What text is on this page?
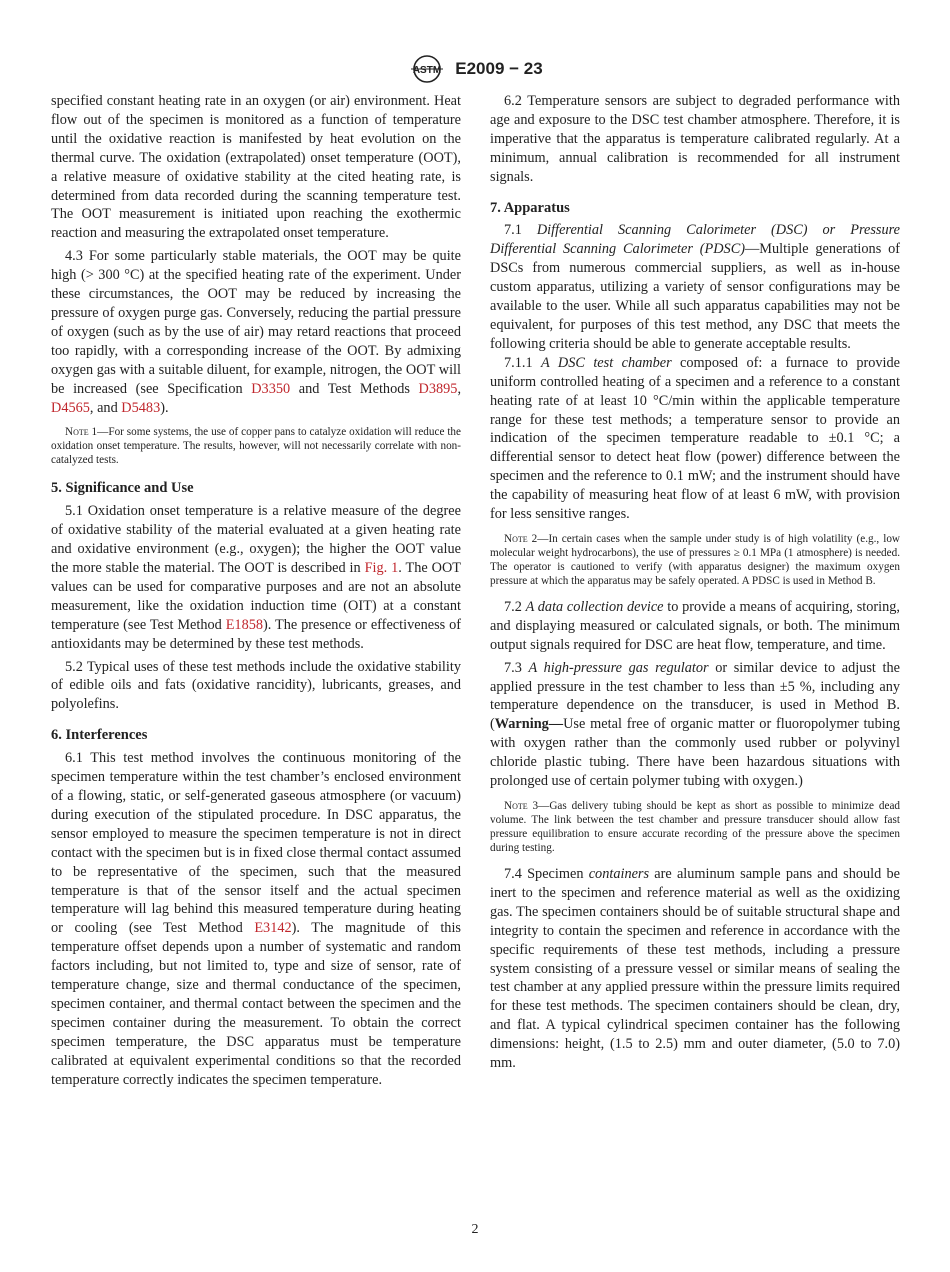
ASTM E2009 − 23

specified constant heating rate in an oxygen (or air) environment. Heat flow out of the specimen is monitored as a function of temperature until the oxidative reaction is manifested by heat evolution on the thermal curve. The oxidation (extrapolated) onset temperature (OOT), a relative measure of oxidative stability at the cited heating rate, is determined from data recorded during the scanning temperature test. The OOT measurement is initiated upon reaching the exothermic reaction and measuring the extrapolated onset temperature.

4.3 For some particularly stable materials, the OOT may be quite high (> 300 °C) at the specified heating rate of the experiment. Under these circumstances, the OOT may be reduced by increasing the pressure of oxygen purge gas. Conversely, reducing the partial pressure of oxygen (such as by the use of air) may retard reactions that proceed too rapidly, with a corresponding increase of the OOT. By admixing oxygen gas with a suitable diluent, for example, nitrogen, the OOT will be increased (see Specification D3350 and Test Methods D3895, D4565, and D5483).

Note 1—For some systems, the use of copper pans to catalyze oxidation will reduce the oxidation onset temperature. The results, however, will not necessarily correlate with non-catalyzed tests.

5. Significance and Use

5.1 Oxidation onset temperature is a relative measure of the degree of oxidative stability of the material evaluated at a given heating rate and oxidative environment (e.g., oxygen); the higher the OOT value the more stable the material. The OOT is described in Fig. 1. The OOT values can be used for comparative purposes and are not an absolute measurement, like the oxidation induction time (OIT) at a constant temperature (see Test Method E1858). The presence or effectiveness of antioxidants may be determined by these test methods.

5.2 Typical uses of these test methods include the oxidative stability of edible oils and fats (oxidative rancidity), lubricants, greases, and polyolefins.

6. Interferences

6.1 This test method involves the continuous monitoring of the specimen temperature within the test chamber’s enclosed environment of a flowing, static, or self-generated gaseous atmosphere (or vacuum) during execution of the stipulated procedure. In DSC apparatus, the sensor employed to measure the specimen temperature is not in direct contact with the specimen but is in fixed close thermal contact assumed to be representative of the specimen, such that the measured temperature is that of the sensor itself and the actual specimen temperature will lag behind this measured temperature during heating or cooling (see Test Method E3142). The magnitude of this temperature offset depends upon a number of systematic and random factors including, but not limited to, type and size of sensor, rate of temperature change, size and thermal conductance of the specimen, specimen container, and thermal contact between the specimen and the specimen container during the measurement. To obtain the correct specimen temperature, the DSC apparatus must be temperature calibrated at equivalent experimental conditions so that the recorded temperature correctly indicates the specimen temperature.

6.2 Temperature sensors are subject to degraded performance with age and exposure to the DSC test chamber atmosphere. Therefore, it is imperative that the apparatus is temperature calibrated regularly. At a minimum, annual calibration is recommended for all instrument signals.

7. Apparatus

7.1 Differential Scanning Calorimeter (DSC) or Pressure Differential Scanning Calorimeter (PDSC)—Multiple generations of DSCs from numerous commercial suppliers, as well as in-house custom apparatus, utilizing a variety of sensor configurations may be available to the user. While all such apparatus capabilities may not be equivalent, for purposes of this test method, any DSC that meets the following criteria should be able to generate acceptable results.

7.1.1 A DSC test chamber composed of: a furnace to provide uniform controlled heating of a specimen and a reference to a constant heating rate of at least 10 °C/min within the applicable temperature range for these test methods; a temperature sensor to provide an indication of the specimen temperature readable to ±0.1 °C; a differential sensor to detect heat flow (power) difference between the specimen and the reference to 0.1 mW; and the instrument should have the capability of measuring heat flow of at least 6 mW, with provision for less sensitive ranges.

Note 2—In certain cases when the sample under study is of high volatility (e.g., low molecular weight hydrocarbons), the use of pressures ≥ 0.1 MPa (1 atmosphere) is needed. The operator is cautioned to verify (with apparatus designer) the maximum oxygen pressure at which the apparatus may be safely operated. A PDSC is used in Method B.

7.2 A data collection device to provide a means of acquiring, storing, and displaying measured or calculated signals, or both. The minimum output signals required for DSC are heat flow, temperature, and time.

7.3 A high-pressure gas regulator or similar device to adjust the applied pressure in the test chamber to less than ±5 %, including any temperature dependence on the transducer, is used in Method B. (Warning—Use metal free of organic matter or fluoropolymer tubing with oxygen rather than the commonly used rubber or polyvinyl chloride plastic tubing. There have been hazardous situations with prolonged use of certain polymer tubing with oxygen.)

Note 3—Gas delivery tubing should be kept as short as possible to minimize dead volume. The link between the test chamber and pressure transducer should allow fast pressure equilibration to ensure accurate recording of the pressure above the specimen during testing.

7.4 Specimen containers are aluminum sample pans and should be inert to the specimen and reference material as well as the oxidizing gas. The specimen containers should be of suitable structural shape and integrity to contain the specimen and reference in accordance with the specific requirements of these test methods, including a pressure system consisting of a pressure vessel or similar means of sealing the test chamber at any applied pressure within the pressure limits required for these test methods. The specimen containers should be clean, dry, and flat. A typical cylindrical specimen container has the following dimensions: height, (1.5 to 2.5) mm and outer diameter, (5.0 to 7.0) mm.

2
